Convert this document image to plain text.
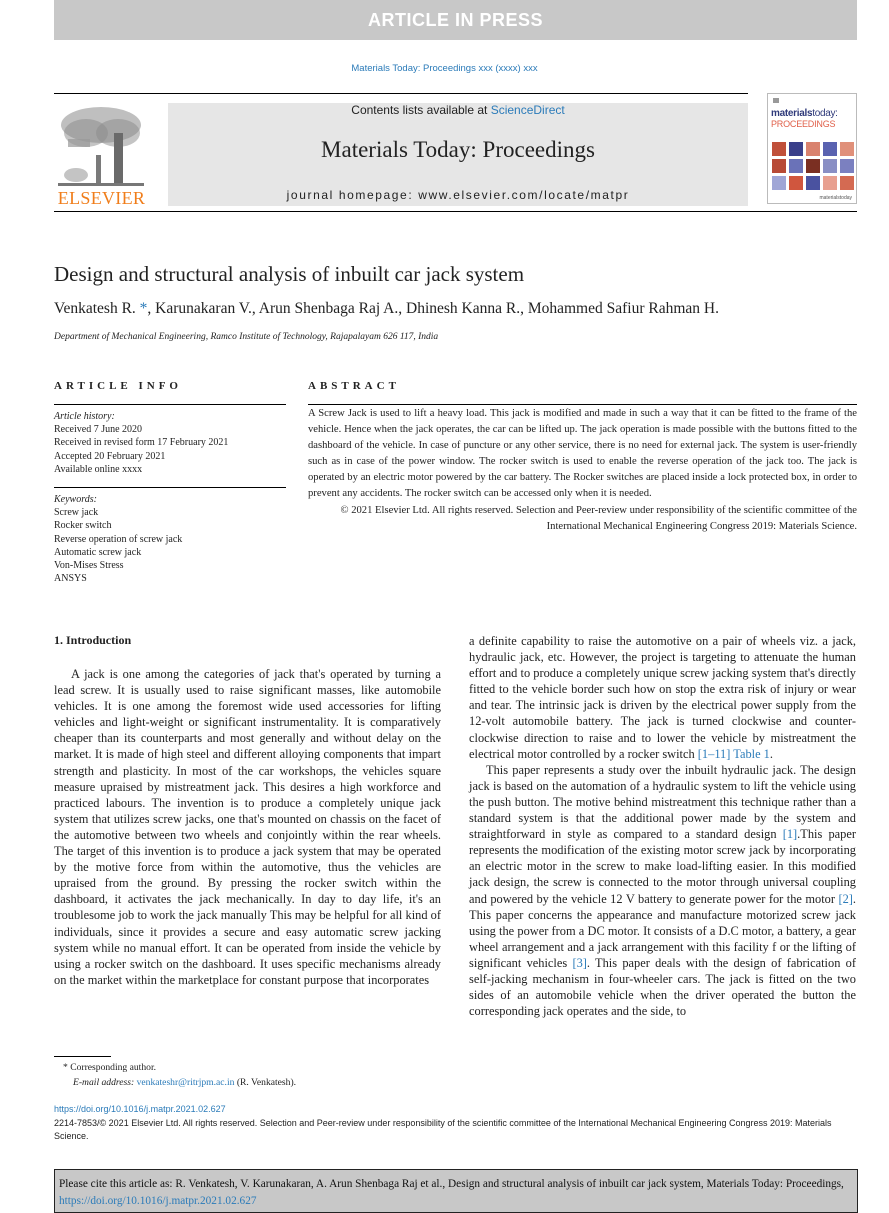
ARTICLE IN PRESS
Materials Today: Proceedings xxx (xxxx) xxx
ELSEVIER
Contents lists available at ScienceDirect
Materials Today: Proceedings
journal homepage: www.elsevier.com/locate/matpr
materialstoday:
PROCEEDINGS
materialstoday
Design and structural analysis of inbuilt car jack system
Venkatesh R. *, Karunakaran V., Arun Shenbaga Raj A., Dhinesh Kanna R., Mohammed Safiur Rahman H.
Department of Mechanical Engineering, Ramco Institute of Technology, Rajapalayam 626 117, India
ARTICLE INFO
Article history:
Received 7 June 2020
Received in revised form 17 February 2021
Accepted 20 February 2021
Available online xxxx
Keywords:
Screw jack
Rocker switch
Reverse operation of screw jack
Automatic screw jack
Von-Mises Stress
ANSYS
ABSTRACT
A Screw Jack is used to lift a heavy load. This jack is modified and made in such a way that it can be fitted to the frame of the vehicle. Hence when the jack operates, the car can be lifted up. The jack operation is made possible with the buttons fitted to the dashboard of the vehicle. In case of puncture or any other service, there is no need for external jack. The system is user-friendly such as in case of the power window. The rocker switch is used to enable the reverse operation of the jack too. The jack is operated by an electric motor powered by the car battery. The Rocker switches are placed inside a lock protected box, in order to prevent any accidents. The rocker switch can be accessed only when it is needed.
© 2021 Elsevier Ltd. All rights reserved. Selection and Peer-review under responsibility of the scientific committee of the International Mechanical Engineering Congress 2019: Materials Science.
1. Introduction
A jack is one among the categories of jack that's operated by turning a lead screw. It is usually used to raise significant masses, like automobile vehicles. It is one among the foremost wide used accessories for lifting vehicles and light-weight or significant instrumentality. It is comparatively cheaper than its counterparts and most generally and without delay on the market. It is made of high steel and different alloying components that impart strength and plasticity. In most of the car workshops, the vehicles square measure upraised by mistreatment jack. This desires a high workforce and practiced labours. The invention is to produce a completely unique jack system that utilizes screw jacks, one that's mounted on chassis on the facet of the automotive between two wheels and conjointly within the rear wheels. The target of this invention is to produce a jack system that may be operated by the motive force from within the automotive, thus the vehicles are upraised from the ground. By pressing the rocker switch within the dashboard, it activates the jack mechanically. In day to day life, it's an troublesome job to work the jack manually This may be helpful for all kind of individuals, since it provides a secure and easy automatic screw jacking system while no manual effort. It can be operated from inside the vehicle by using a rocker switch on the dashboard. It uses specific mechanisms already on the market within the marketplace for constant purpose that incorporates
a definite capability to raise the automotive on a pair of wheels viz. a jack, hydraulic jack, etc. However, the project is targeting to attenuate the human effort and to produce a completely unique screw jacking system that's directly fitted to the vehicle border such how on stop the extra risk of injury or wear and tear. The intrinsic jack is driven by the electrical power supply from the 12-volt automobile battery. The jack is turned clockwise and counter-clockwise direction to raise and to lower the vehicle by mistreatment the electrical motor controlled by a rocker switch [1–11] Table 1.
This paper represents a study over the inbuilt hydraulic jack. The design jack is based on the automation of a hydraulic system to lift the vehicle using the push button. The motive behind mistreatment this technique rather than a standard system is that the additional power made by the system and straightforward in style as compared to a standard design [1].This paper represents the modification of the existing motor screw jack by incorporating an electric motor in the screw to make load-lifting easier. In this modified jack design, the screw is connected to the motor through universal coupling and powered by the vehicle 12 V battery to generate power for the motor [2]. This paper concerns the appearance and manufacture motorized screw jack using the power from a DC motor. It consists of a D.C motor, a battery, a gear wheel arrangement and a jack arrangement with this facility f or the lifting of significant vehicles [3]. This paper deals with the design of fabrication of self-jacking mechanism in four-wheeler cars. The jack is fitted on the two sides of an automobile vehicle when the driver operated the button the corresponding jack operates and the side, to
* Corresponding author.
E-mail address: venkateshr@ritrjpm.ac.in (R. Venkatesh).
https://doi.org/10.1016/j.matpr.2021.02.627
2214-7853/© 2021 Elsevier Ltd. All rights reserved. Selection and Peer-review under responsibility of the scientific committee of the International Mechanical Engineering Congress 2019: Materials Science.
Please cite this article as: R. Venkatesh, V. Karunakaran, A. Arun Shenbaga Raj et al., Design and structural analysis of inbuilt car jack system, Materials Today: Proceedings, https://doi.org/10.1016/j.matpr.2021.02.627
